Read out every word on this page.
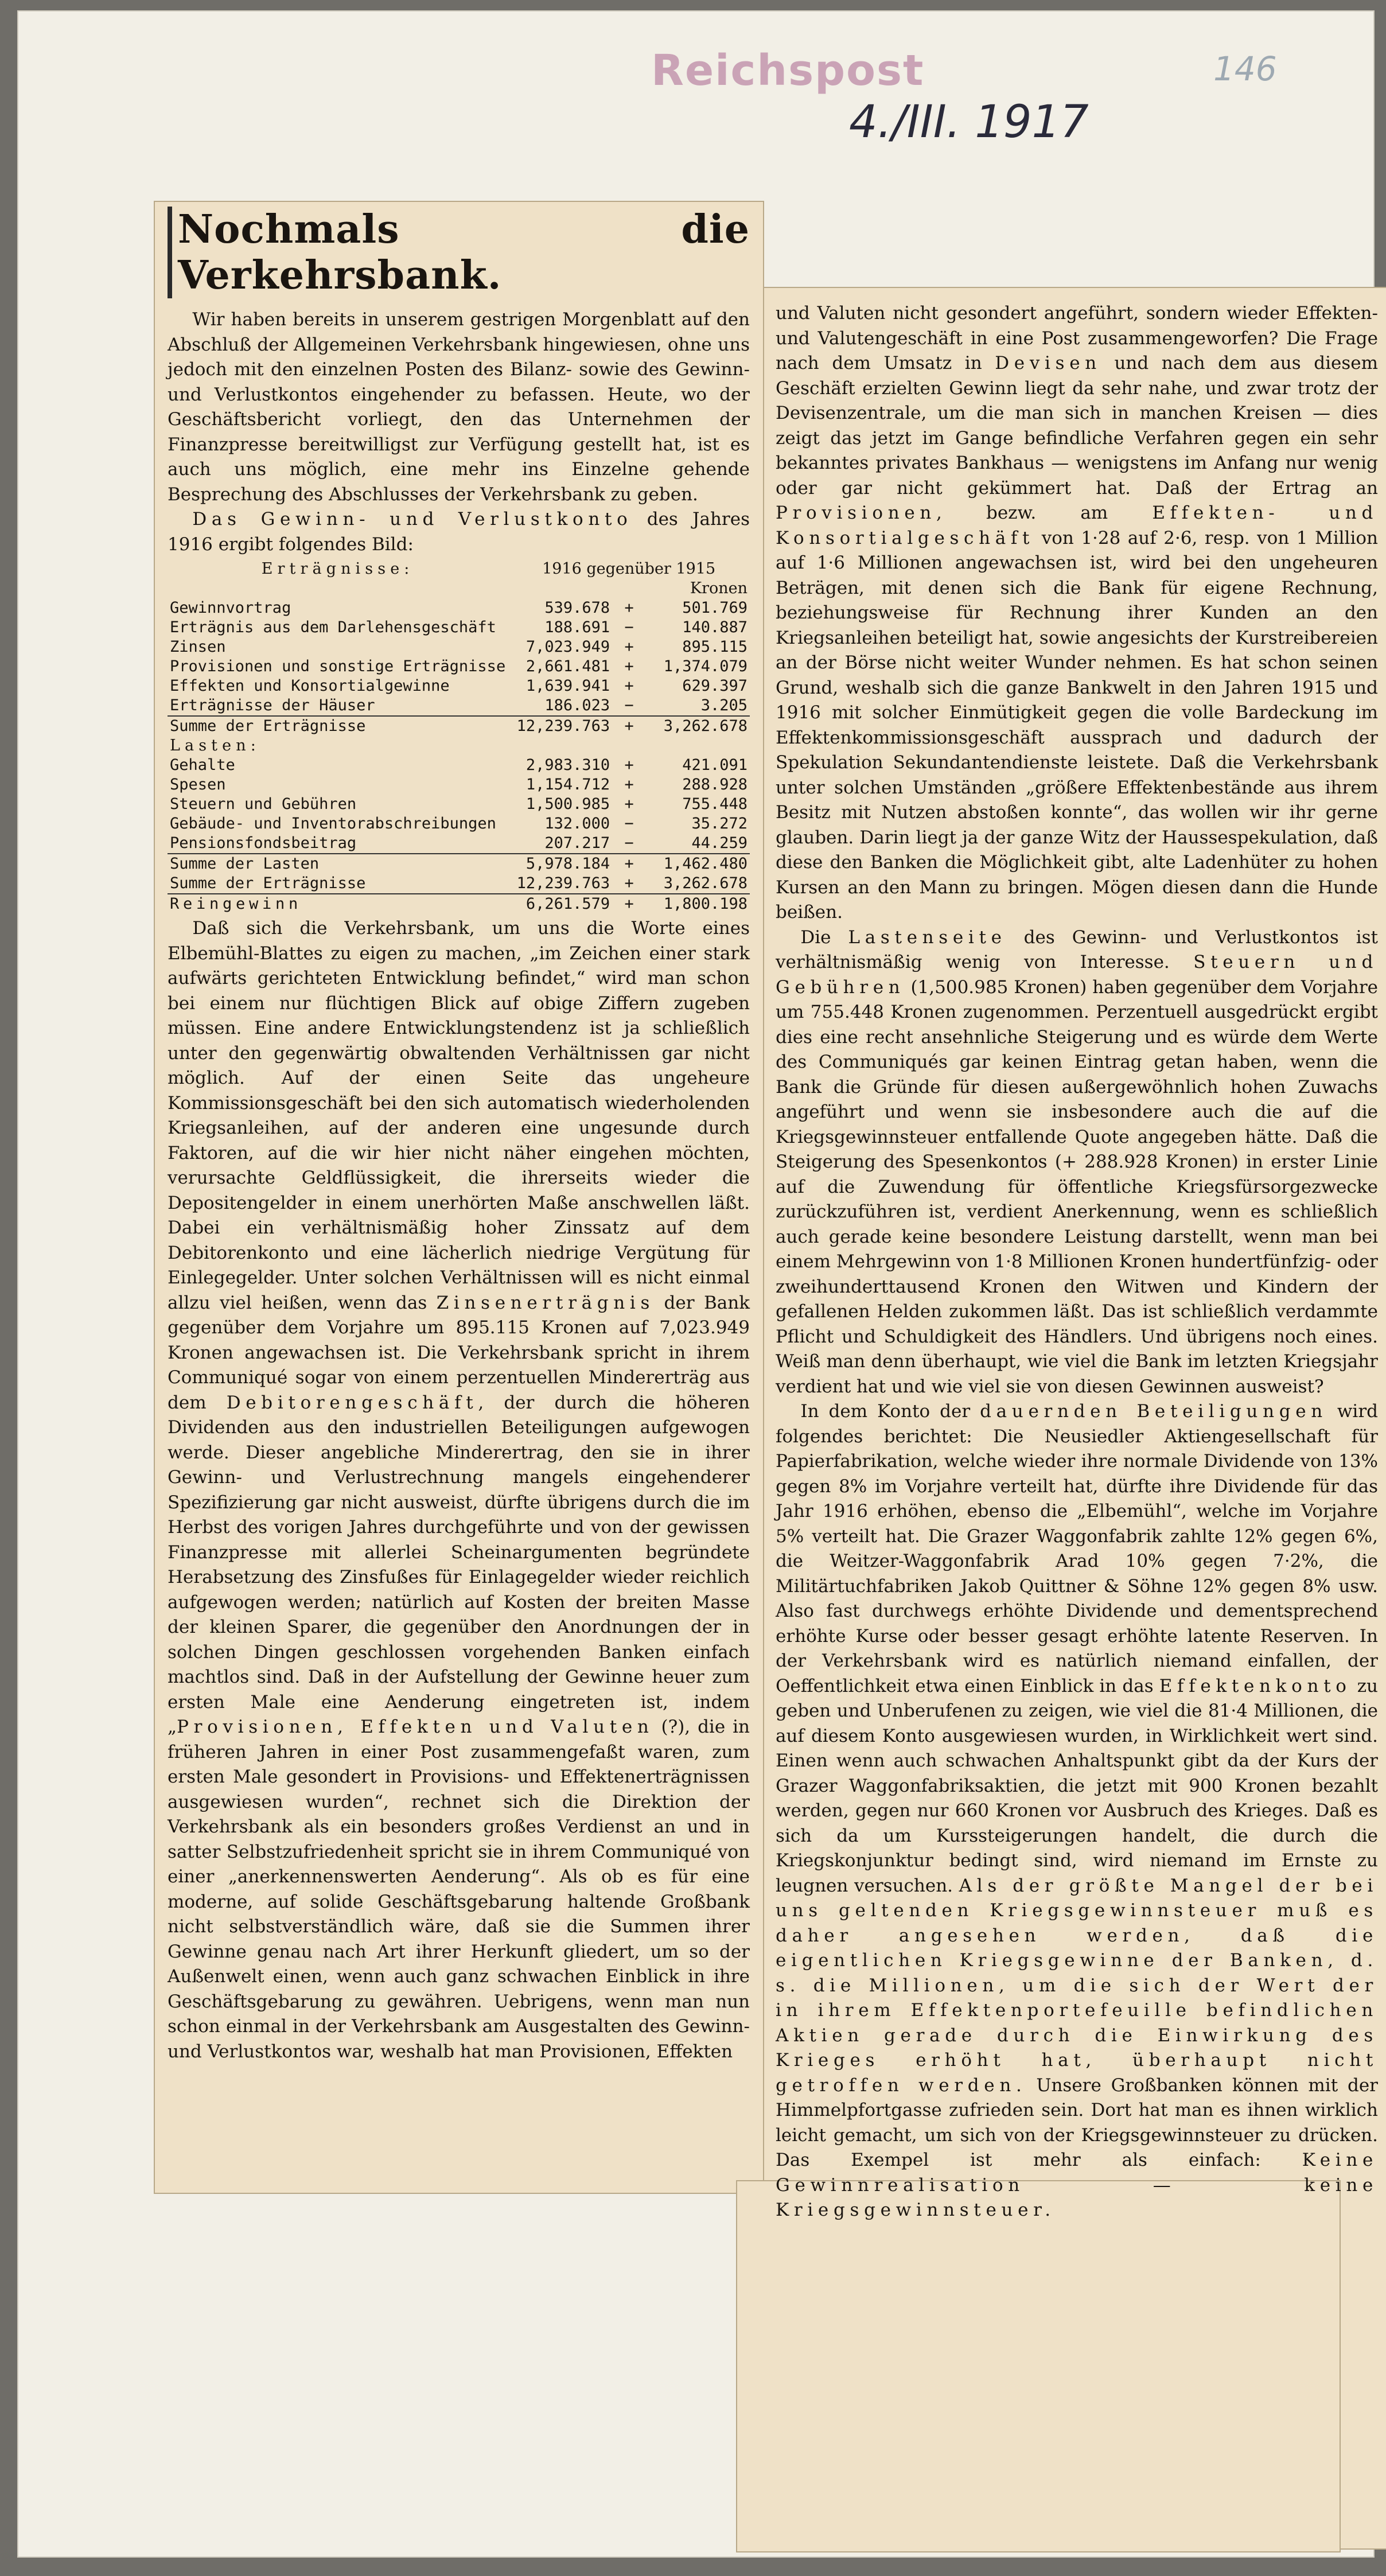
Reichspost
4./III. 1917
146
Nochmals die Verkehrsbank.

Wir haben bereits in unserem gestrigen Morgenblatt auf den Abschluß der Allgemeinen Verkehrsbank hingewiesen, ohne uns jedoch mit den einzelnen Posten des Bilanz- sowie des Gewinn- und Verlustkontos eingehender zu befassen. Heute, wo der Geschäftsbericht vorliegt, den das Unternehmen der Finanzpresse bereitwilligst zur Verfügung gestellt hat, ist es auch uns möglich, eine mehr ins Einzelne gehende Besprechung des Abschlusses der Verkehrsbank zu geben.

Das Gewinn- und Verlustkonto des Jahres 1916 ergibt folgendes Bild:

Erträgnisse:	1916 gegenüber 1915		
	Kronen		
Gewinnvortrag	539.678	+	501.769
Erträgnis aus dem Darlehensgeschäft	188.691	−	140.887
Zinsen	7,023.949	+	895.115
Provisionen und sonstige Erträgnisse	2,661.481	+	1,374.079
Effekten und Konsortialgewinne	1,639.941	+	629.397
Erträgnisse der Häuser	186.023	−	3.205
Summe der Erträgnisse	12,239.763	+	3,262.678
Lasten:			
Gehalte	2,983.310	+	421.091
Spesen	1,154.712	+	288.928
Steuern und Gebühren	1,500.985	+	755.448
Gebäude- und Inventorabschreibungen	132.000	−	35.272
Pensionsfondsbeitrag	207.217	−	44.259
Summe der Lasten	5,978.184	+	1,462.480
Summe der Erträgnisse	12,239.763	+	3,262.678
Reingewinn	6,261.579	+	1,800.198

Daß sich die Verkehrsbank, um uns die Worte eines Elbemühl-Blattes zu eigen zu machen, „im Zeichen einer stark aufwärts gerichteten Entwicklung befindet,“ wird man schon bei einem nur flüchtigen Blick auf obige Ziffern zugeben müssen. Eine andere Entwicklungstendenz ist ja schließlich unter den gegenwärtig obwaltenden Verhältnissen gar nicht möglich. Auf der einen Seite das ungeheure Kommissionsgeschäft bei den sich automatisch wiederholenden Kriegsanleihen, auf der anderen eine ungesunde durch Faktoren, auf die wir hier nicht näher eingehen möchten, verursachte Geldflüssigkeit, die ihrerseits wieder die Depositengelder in einem unerhörten Maße anschwellen läßt. Dabei ein verhältnismäßig hoher Zinssatz auf dem Debitorenkonto und eine lächerlich niedrige Vergütung für Einlegegelder. Unter solchen Verhältnissen will es nicht einmal allzu viel heißen, wenn das Zinsenerträgnis der Bank gegenüber dem Vorjahre um 895.115 Kronen auf 7,023.949 Kronen angewachsen ist. Die Verkehrsbank spricht in ihrem Communiqué sogar von einem perzentuellen Mindererträg aus dem Debitorengeschäft, der durch die höheren Dividenden aus den industriellen Beteiligungen aufgewogen werde. Dieser angebliche Minderertrag, den sie in ihrer Gewinn- und Verlustrechnung mangels eingehenderer Spezifizierung gar nicht ausweist, dürfte übrigens durch die im Herbst des vorigen Jahres durchgeführte und von der gewissen Finanzpresse mit allerlei Scheinargumenten begründete Herabsetzung des Zinsfußes für Einlagegelder wieder reichlich aufgewogen werden; natürlich auf Kosten der breiten Masse der kleinen Sparer, die gegenüber den Anordnungen der in solchen Dingen geschlossen vorgehenden Banken einfach machtlos sind. Daß in der Aufstellung der Gewinne heuer zum ersten Male eine Aenderung eingetreten ist, indem „Provisionen, Effekten und Valuten (?), die in früheren Jahren in einer Post zusammengefaßt waren, zum ersten Male gesondert in Provisions- und Effektenerträgnissen ausgewiesen wurden“, rechnet sich die Direktion der Verkehrsbank als ein besonders großes Verdienst an und in satter Selbstzufriedenheit spricht sie in ihrem Communiqué von einer „anerkennenswerten Aenderung“. Als ob es für eine moderne, auf solide Geschäftsgebarung haltende Großbank nicht selbstverständlich wäre, daß sie die Summen ihrer Gewinne genau nach Art ihrer Herkunft gliedert, um so der Außenwelt einen, wenn auch ganz schwachen Einblick in ihre Geschäftsgebarung zu gewähren. Uebrigens, wenn man nun schon einmal in der Verkehrsbank am Ausgestalten des Gewinn- und Verlustkontos war, weshalb hat man Provisionen, Effekten

und Valuten nicht gesondert angeführt, sondern wieder Effekten- und Valutengeschäft in eine Post zusammengeworfen? Die Frage nach dem Umsatz in Devisen und nach dem aus diesem Geschäft erzielten Gewinn liegt da sehr nahe, und zwar trotz der Devisenzentrale, um die man sich in manchen Kreisen — dies zeigt das jetzt im Gange befindliche Verfahren gegen ein sehr bekanntes privates Bankhaus — wenigstens im Anfang nur wenig oder gar nicht gekümmert hat. Daß der Ertrag an Provisionen, bezw. am Effekten- und Konsortialgeschäft von 1·28 auf 2·6, resp. von 1 Million auf 1·6 Millionen angewachsen ist, wird bei den ungeheuren Beträgen, mit denen sich die Bank für eigene Rechnung, beziehungsweise für Rechnung ihrer Kunden an den Kriegsanleihen beteiligt hat, sowie angesichts der Kurstreibereien an der Börse nicht weiter Wunder nehmen. Es hat schon seinen Grund, weshalb sich die ganze Bankwelt in den Jahren 1915 und 1916 mit solcher Einmütigkeit gegen die volle Bardeckung im Effektenkommissionsgeschäft aussprach und dadurch der Spekulation Sekundantendienste leistete. Daß die Verkehrsbank unter solchen Umständen „größere Effektenbestände aus ihrem Besitz mit Nutzen abstoßen konnte“, das wollen wir ihr gerne glauben. Darin liegt ja der ganze Witz der Haussespekulation, daß diese den Banken die Möglichkeit gibt, alte Ladenhüter zu hohen Kursen an den Mann zu bringen. Mögen diesen dann die Hunde beißen.

Die Lastenseite des Gewinn- und Verlustkontos ist verhältnismäßig wenig von Interesse. Steuern und Gebühren (1,500.985 Kronen) haben gegenüber dem Vorjahre um 755.448 Kronen zugenommen. Perzentuell ausgedrückt ergibt dies eine recht ansehnliche Steigerung und es würde dem Werte des Communiqués gar keinen Eintrag getan haben, wenn die Bank die Gründe für diesen außergewöhnlich hohen Zuwachs angeführt und wenn sie insbesondere auch die auf die Kriegsgewinnsteuer entfallende Quote angegeben hätte. Daß die Steigerung des Spesenkontos (+ 288.928 Kronen) in erster Linie auf die Zuwendung für öffentliche Kriegsfürsorgezwecke zurückzuführen ist, verdient Anerkennung, wenn es schließlich auch gerade keine besondere Leistung darstellt, wenn man bei einem Mehrgewinn von 1·8 Millionen Kronen hundertfünfzig- oder zweihunderttausend Kronen den Witwen und Kindern der gefallenen Helden zukommen läßt. Das ist schließlich verdammte Pflicht und Schuldigkeit des Händlers. Und übrigens noch eines. Weiß man denn überhaupt, wie viel die Bank im letzten Kriegsjahr verdient hat und wie viel sie von diesen Gewinnen ausweist?

In dem Konto der dauernden Beteiligungen wird folgendes berichtet: Die Neusiedler Aktiengesellschaft für Papierfabrikation, welche wieder ihre normale Dividende von 13% gegen 8% im Vorjahre verteilt hat, dürfte ihre Dividende für das Jahr 1916 erhöhen, ebenso die „Elbemühl“, welche im Vorjahre 5% verteilt hat. Die Grazer Waggonfabrik zahlte 12% gegen 6%, die Weitzer-Waggonfabrik Arad 10% gegen 7·2%, die Militärtuchfabriken Jakob Quittner & Söhne 12% gegen 8% usw. Also fast durchwegs erhöhte Dividende und dementsprechend erhöhte Kurse oder besser gesagt erhöhte latente Reserven. In der Verkehrsbank wird es natürlich niemand einfallen, der Oeffentlichkeit etwa einen Einblick in das Effektenkonto zu geben und Unberufenen zu zeigen, wie viel die 81·4 Millionen, die auf diesem Konto ausgewiesen wurden, in Wirklichkeit wert sind. Einen wenn auch schwachen Anhaltspunkt gibt da der Kurs der Grazer Waggonfabriksaktien, die jetzt mit 900 Kronen bezahlt werden, gegen nur 660 Kronen vor Ausbruch des Krieges. Daß es sich da um Kurssteigerungen handelt, die durch die Kriegskonjunktur bedingt sind, wird niemand im Ernste zu leugnen versuchen. Als der größte Mangel der bei uns geltenden Kriegsgewinnsteuer muß es daher angesehen werden, daß die eigentlichen Kriegsgewinne der Banken, d. s. die Millionen, um die sich der Wert der in ihrem Effektenportefeuille befindlichen Aktien gerade durch die Einwirkung des Krieges erhöht hat, überhaupt nicht getroffen werden. Unsere Großbanken können mit der Himmelpfortgasse zufrieden sein. Dort hat man es ihnen wirklich leicht gemacht, um sich von der Kriegsgewinnsteuer zu drücken. Das Exempel ist mehr als einfach: Keine Gewinnrealisation — keine Kriegsgewinnsteuer.
